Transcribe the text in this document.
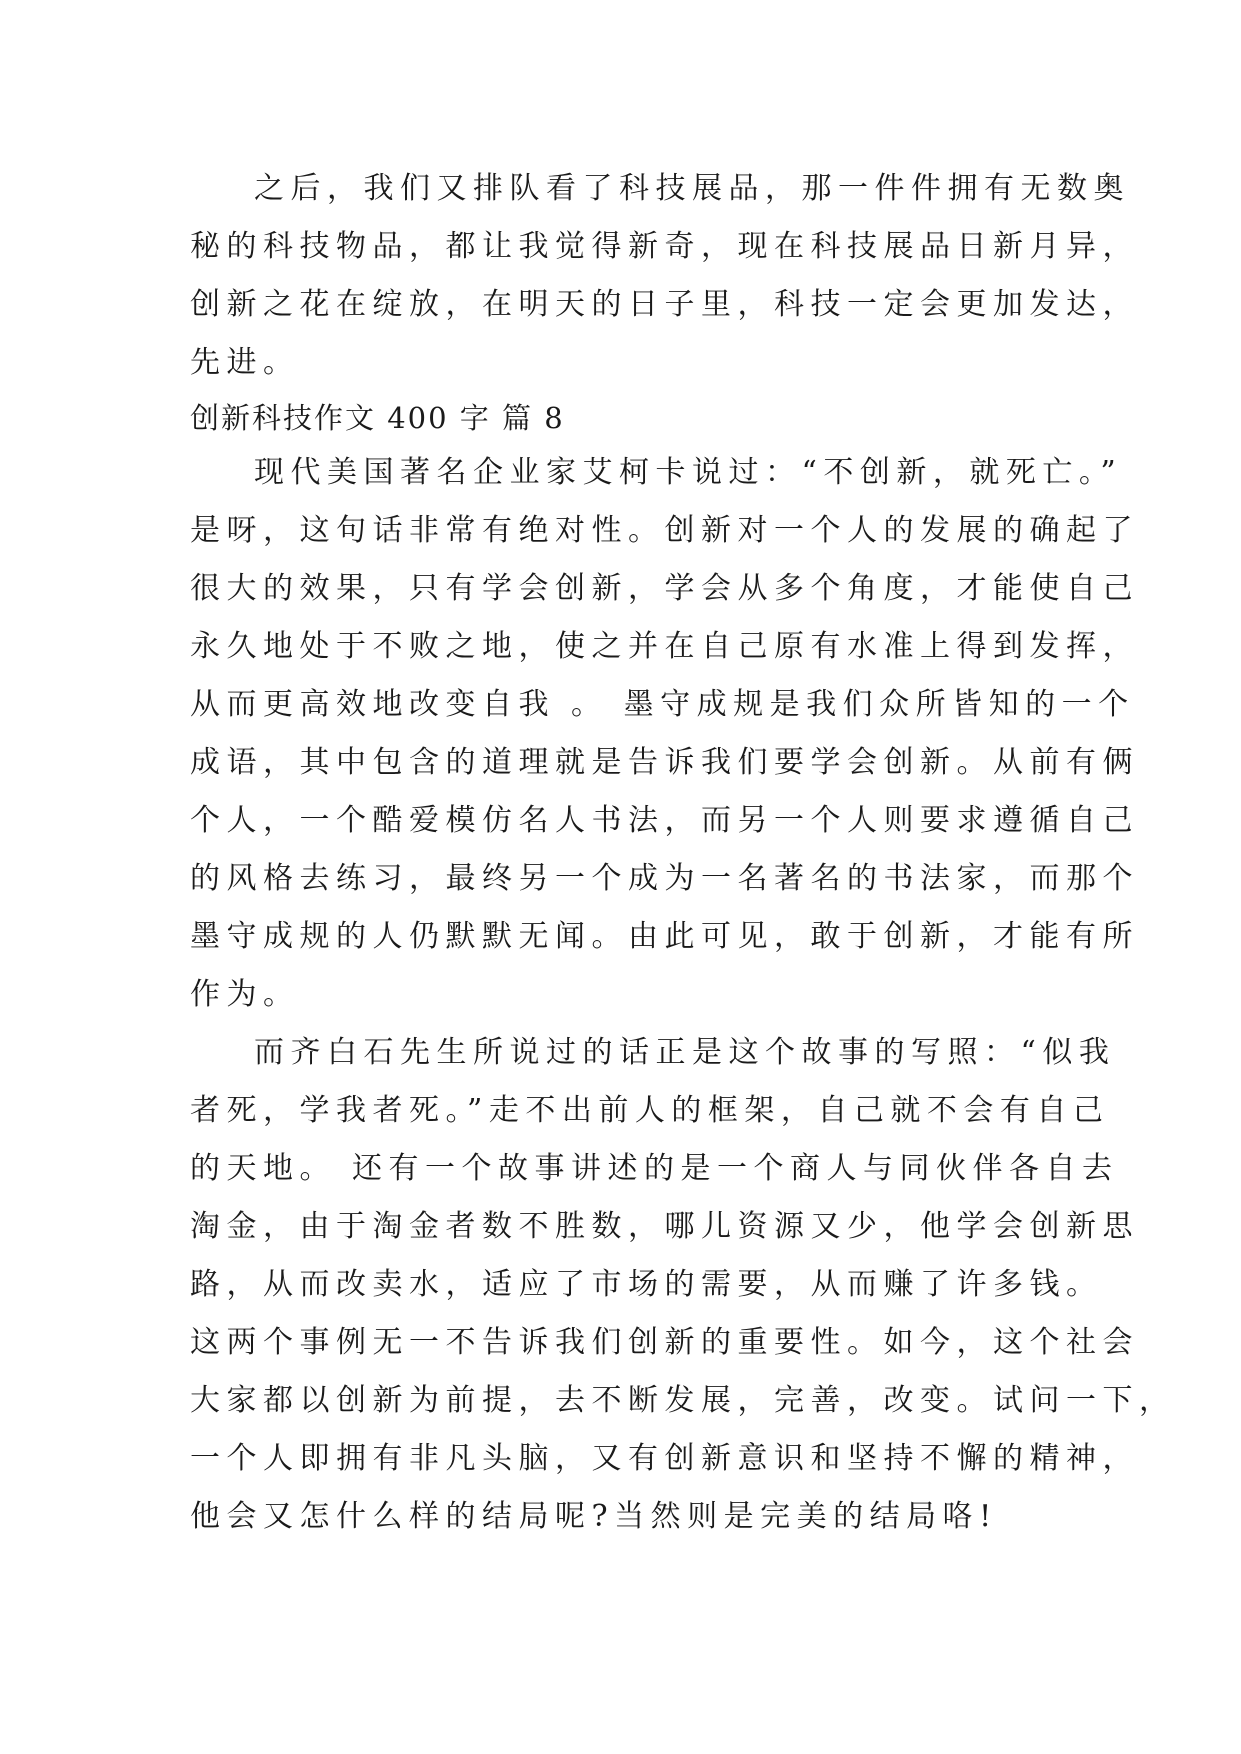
之后，我们又排队看了科技展品，那一件件拥有无数奥
秘的科技物品，都让我觉得新奇，现在科技展品日新月异，
创新之花在绽放，在明天的日子里，科技一定会更加发达，
先进。
创新科技作文 400 字 篇 8
现代美国著名企业家艾柯卡说过：“不创新，就死亡。”
是呀，这句话非常有绝对性。创新对一个人的发展的确起了
很大的效果，只有学会创新，学会从多个角度，才能使自己
永久地处于不败之地，使之并在自己原有水准上得到发挥，
从而更高效地改变自我 。 墨守成规是我们众所皆知的一个
成语，其中包含的道理就是告诉我们要学会创新。从前有俩
个人，一个酷爱模仿名人书法，而另一个人则要求遵循自己
的风格去练习，最终另一个成为一名著名的书法家，而那个
墨守成规的人仍默默无闻。由此可见，敢于创新，才能有所
作为。
而齐白石先生所说过的话正是这个故事的写照：“似我
者死，学我者死。”走不出前人的框架，自己就不会有自己
的天地。 还有一个故事讲述的是一个商人与同伙伴各自去
淘金，由于淘金者数不胜数，哪儿资源又少，他学会创新思
路，从而改卖水，适应了市场的需要，从而赚了许多钱。
这两个事例无一不告诉我们创新的重要性。如今，这个社会
大家都以创新为前提，去不断发展，完善，改变。试问一下，
一个人即拥有非凡头脑，又有创新意识和坚持不懈的精神，
他会又怎什么样的结局呢?当然则是完美的结局咯!
